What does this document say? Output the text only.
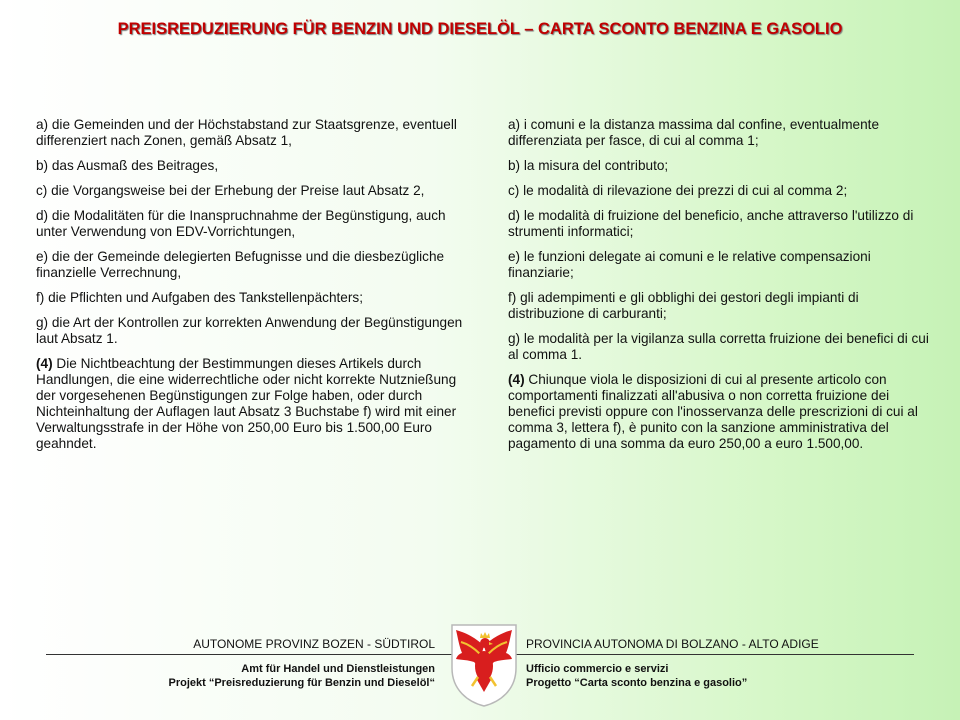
PREISREDUZIERUNG FÜR BENZIN UND DIESELÖL – CARTA SCONTO BENZINA E GASOLIO

a) die Gemeinden und der Höchstabstand zur Staatsgrenze, eventuell differenziert nach Zonen, gemäß Absatz 1,

b) das Ausmaß des Beitrages,

c) die Vorgangsweise bei der Erhebung der Preise laut Absatz 2,

d) die Modalitäten für die Inanspruchnahme der Begünstigung, auch unter Verwendung von EDV-Vorrichtungen,

e) die der Gemeinde delegierten Befugnisse und die diesbezügliche finanzielle Verrechnung,

f) die Pflichten und Aufgaben des Tankstellenpächters;

g) die Art der Kontrollen zur korrekten Anwendung der Begünstigungen laut Absatz 1.

(4) Die Nichtbeachtung der Bestimmungen dieses Artikels durch Handlungen, die eine widerrechtliche oder nicht korrekte Nutznießung der vorgesehenen Begünstigungen zur Folge haben, oder durch Nichteinhaltung der Auflagen laut Absatz 3 Buchstabe f) wird mit einer Verwaltungsstrafe in der Höhe von 250,00 Euro bis 1.500,00 Euro geahndet.

a) i comuni e la distanza massima dal confine, eventualmente differenziata per fasce, di cui al comma 1;

b) la misura del contributo;

c) le modalità di rilevazione dei prezzi di cui al comma 2;

d) le modalità di fruizione del beneficio, anche attraverso l'utilizzo di strumenti informatici;

e) le funzioni delegate ai comuni e le relative compensazioni finanziarie;

f) gli adempimenti e gli obblighi dei gestori degli impianti di distribuzione di carburanti;

g) le modalità per la vigilanza sulla corretta fruizione dei benefici di cui al comma 1.

(4) Chiunque viola le disposizioni di cui al presente articolo con comportamenti finalizzati all'abusiva o non corretta fruizione dei benefici previsti oppure con l'inosservanza delle prescrizioni di cui al comma 3, lettera f), è punito con la sanzione amministrativa del pagamento di una somma da euro 250,00 a euro 1.500,00.

AUTONOME PROVINZ BOZEN - SÜDTIROL	PROVINCIA AUTONOMA DI BOLZANO - ALTO ADIGE
Amt für Handel und Dienstleistungen
Projekt “Preisreduzierung für Benzin und Dieselöl“
Ufficio commercio e servizi
Progetto “Carta sconto benzina e gasolio”
